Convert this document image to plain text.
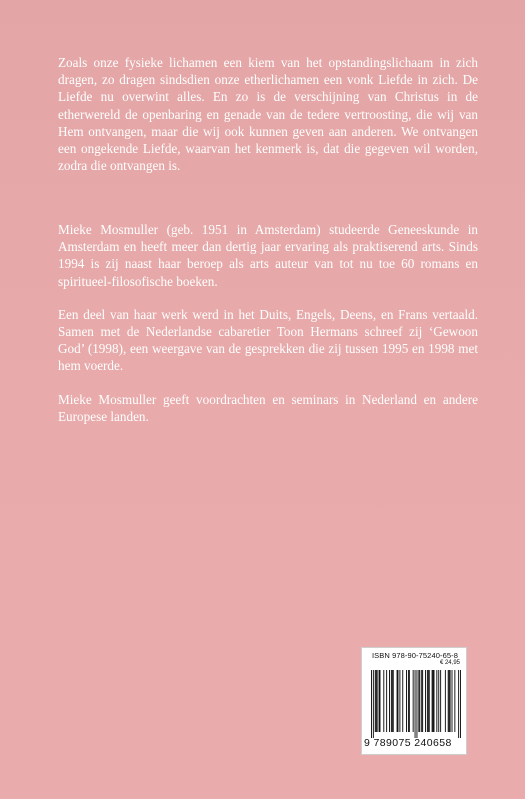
Zoals onze fysieke lichamen een kiem van het opstandingslichaam in zich dragen, zo dragen sindsdien onze etherlichamen een vonk Liefde in zich. De Liefde nu overwint alles. En zo is de verschijning van Christus in de etherwereld de openbaring en genade van de tedere vertroosting, die wij van Hem ontvangen, maar die wij ook kunnen geven aan anderen. We ontvangen een ongekende Liefde, waarvan het kenmerk is, dat die gegeven wil worden, zodra die ontvangen is.

Mieke Mosmuller (geb. 1951 in Amsterdam) studeerde Geneeskunde in Amsterdam en heeft meer dan dertig jaar ervaring als praktiserend arts. Sinds 1994 is zij naast haar beroep als arts auteur van tot nu toe 60 romans en spiritueel-filosofische boeken.

Een deel van haar werk werd in het Duits, Engels, Deens, en Frans vertaald. Samen met de Nederlandse cabaretier Toon Hermans schreef zij ‘Gewoon God’ (1998), een weergave van de gesprekken die zij tussen 1995 en 1998 met hem voerde.

Mieke Mosmuller geeft voordrachten en seminars in Nederland en andere Europese landen.

ISBN 978-90-75240-65-8
€ 24,95
9 789075 240658
